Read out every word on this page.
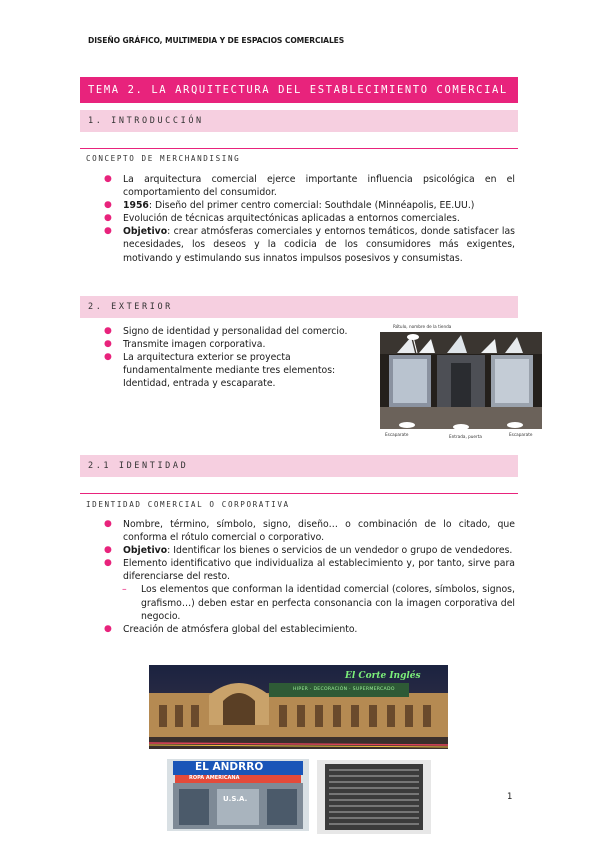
DISEÑO GRÁFICO, MULTIMEDIA Y DE ESPACIOS COMERCIALES
TEMA 2. LA ARQUITECTURA DEL ESTABLECIMIENTO COMERCIAL
1. INTRODUCCIÓN
CONCEPTO DE MERCHANDISING
● La arquitectura comercial ejerce importante influencia psicológica en el comportamiento del consumidor.
● 1956: Diseño del primer centro comercial: Southdale (Minnéapolis, EE.UU.)
● Evolución de técnicas arquitectónicas aplicadas a entornos comerciales.
● Objetivo: crear atmósferas comerciales y entornos temáticos, donde satisfacer las necesidades, los deseos y la codicia de los consumidores más exigentes, motivando y estimulando sus innatos impulsos posesivos y consumistas.
2. EXTERIOR
● Signo de identidad y personalidad del comercio.
● Transmite imagen corporativa.
● La arquitectura exterior se proyecta fundamentalmente mediante tres elementos: Identidad, entrada y escaparate.
Rótulo, nombre de la tienda
Escaparate	Entrada, puerta	Escaparate
2.1 IDENTIDAD
IDENTIDAD COMERCIAL O CORPORATIVA
● Nombre, término, símbolo, signo, diseño… o combinación de lo citado, que conforma el rótulo comercial o corporativo.
● Objetivo: Identificar los bienes o servicios de un vendedor o grupo de vendedores.
● Elemento identificativo que individualiza al establecimiento y, por tanto, sirve para diferenciarse del resto.
– Los elementos que conforman la identidad comercial (colores, símbolos, signos, grafismo…) deben estar en perfecta consonancia con la imagen corporativa del negocio.
● Creación de atmósfera global del establecimiento.
El Corte Inglés
HIPER · DECORACIÓN · SUPERMERCADO
EL ANDRRO
ROPA AMERICANA
U.S.A.	1
